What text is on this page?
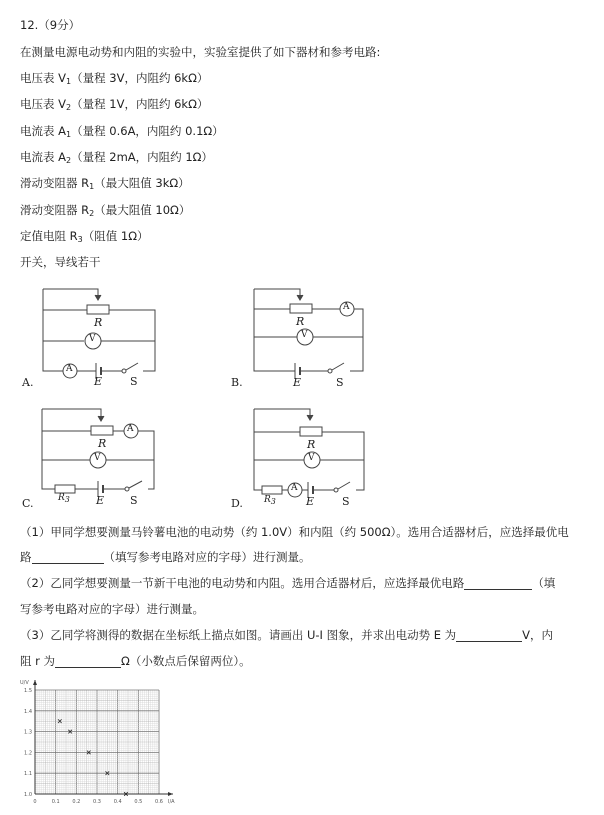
12.（9分）
在测量电源电动势和内阻的实验中，实验室提供了如下器材和参考电路:
电压表 $V_1$（量程 3V，内阻约 6kΩ）
电压表 $V_2$（量程 1V，内阻约 6kΩ）
电流表 $A_1$（量程 0.6A，内阻约 0.1Ω）
电流表 $A_2$（量程 2mA，内阻约 1Ω）
滑动变阻器 $R_1$（最大阻值 3kΩ）
滑动变阻器 $R_2$（最大阻值 10Ω）
定值电阻 $R_3$（阻值 1Ω）
开关，导线若干
R
V
A
E	S
A.
R
A
V
E	S
B.
R
A
V
R3 E S
C.
R
V
A
R3	E	S
D.
（1）甲同学想要测量马铃薯电池的电动势（约 1.0V）和内阻（约 500Ω）。选用合适器材后，应选择最优电
路	（填写参考电路对应的字母）进行测量。
（2）乙同学想要测量一节新干电池的电动势和内阻。选用合适器材后，应选择最优电路	（填
写参考电路对应的字母）进行测量。
（3）乙同学将测得的数据在坐标纸上描点如图。请画出 U-I 图象，并求出电动势 E 为	V，内
阻 r 为	Ω（小数点后保留两位）。
0	0.1	0.2	0.3	0.4	0.5	0.6
1.0
1.1
1.2
1.3
1.4
1.5
I/A
U/V
